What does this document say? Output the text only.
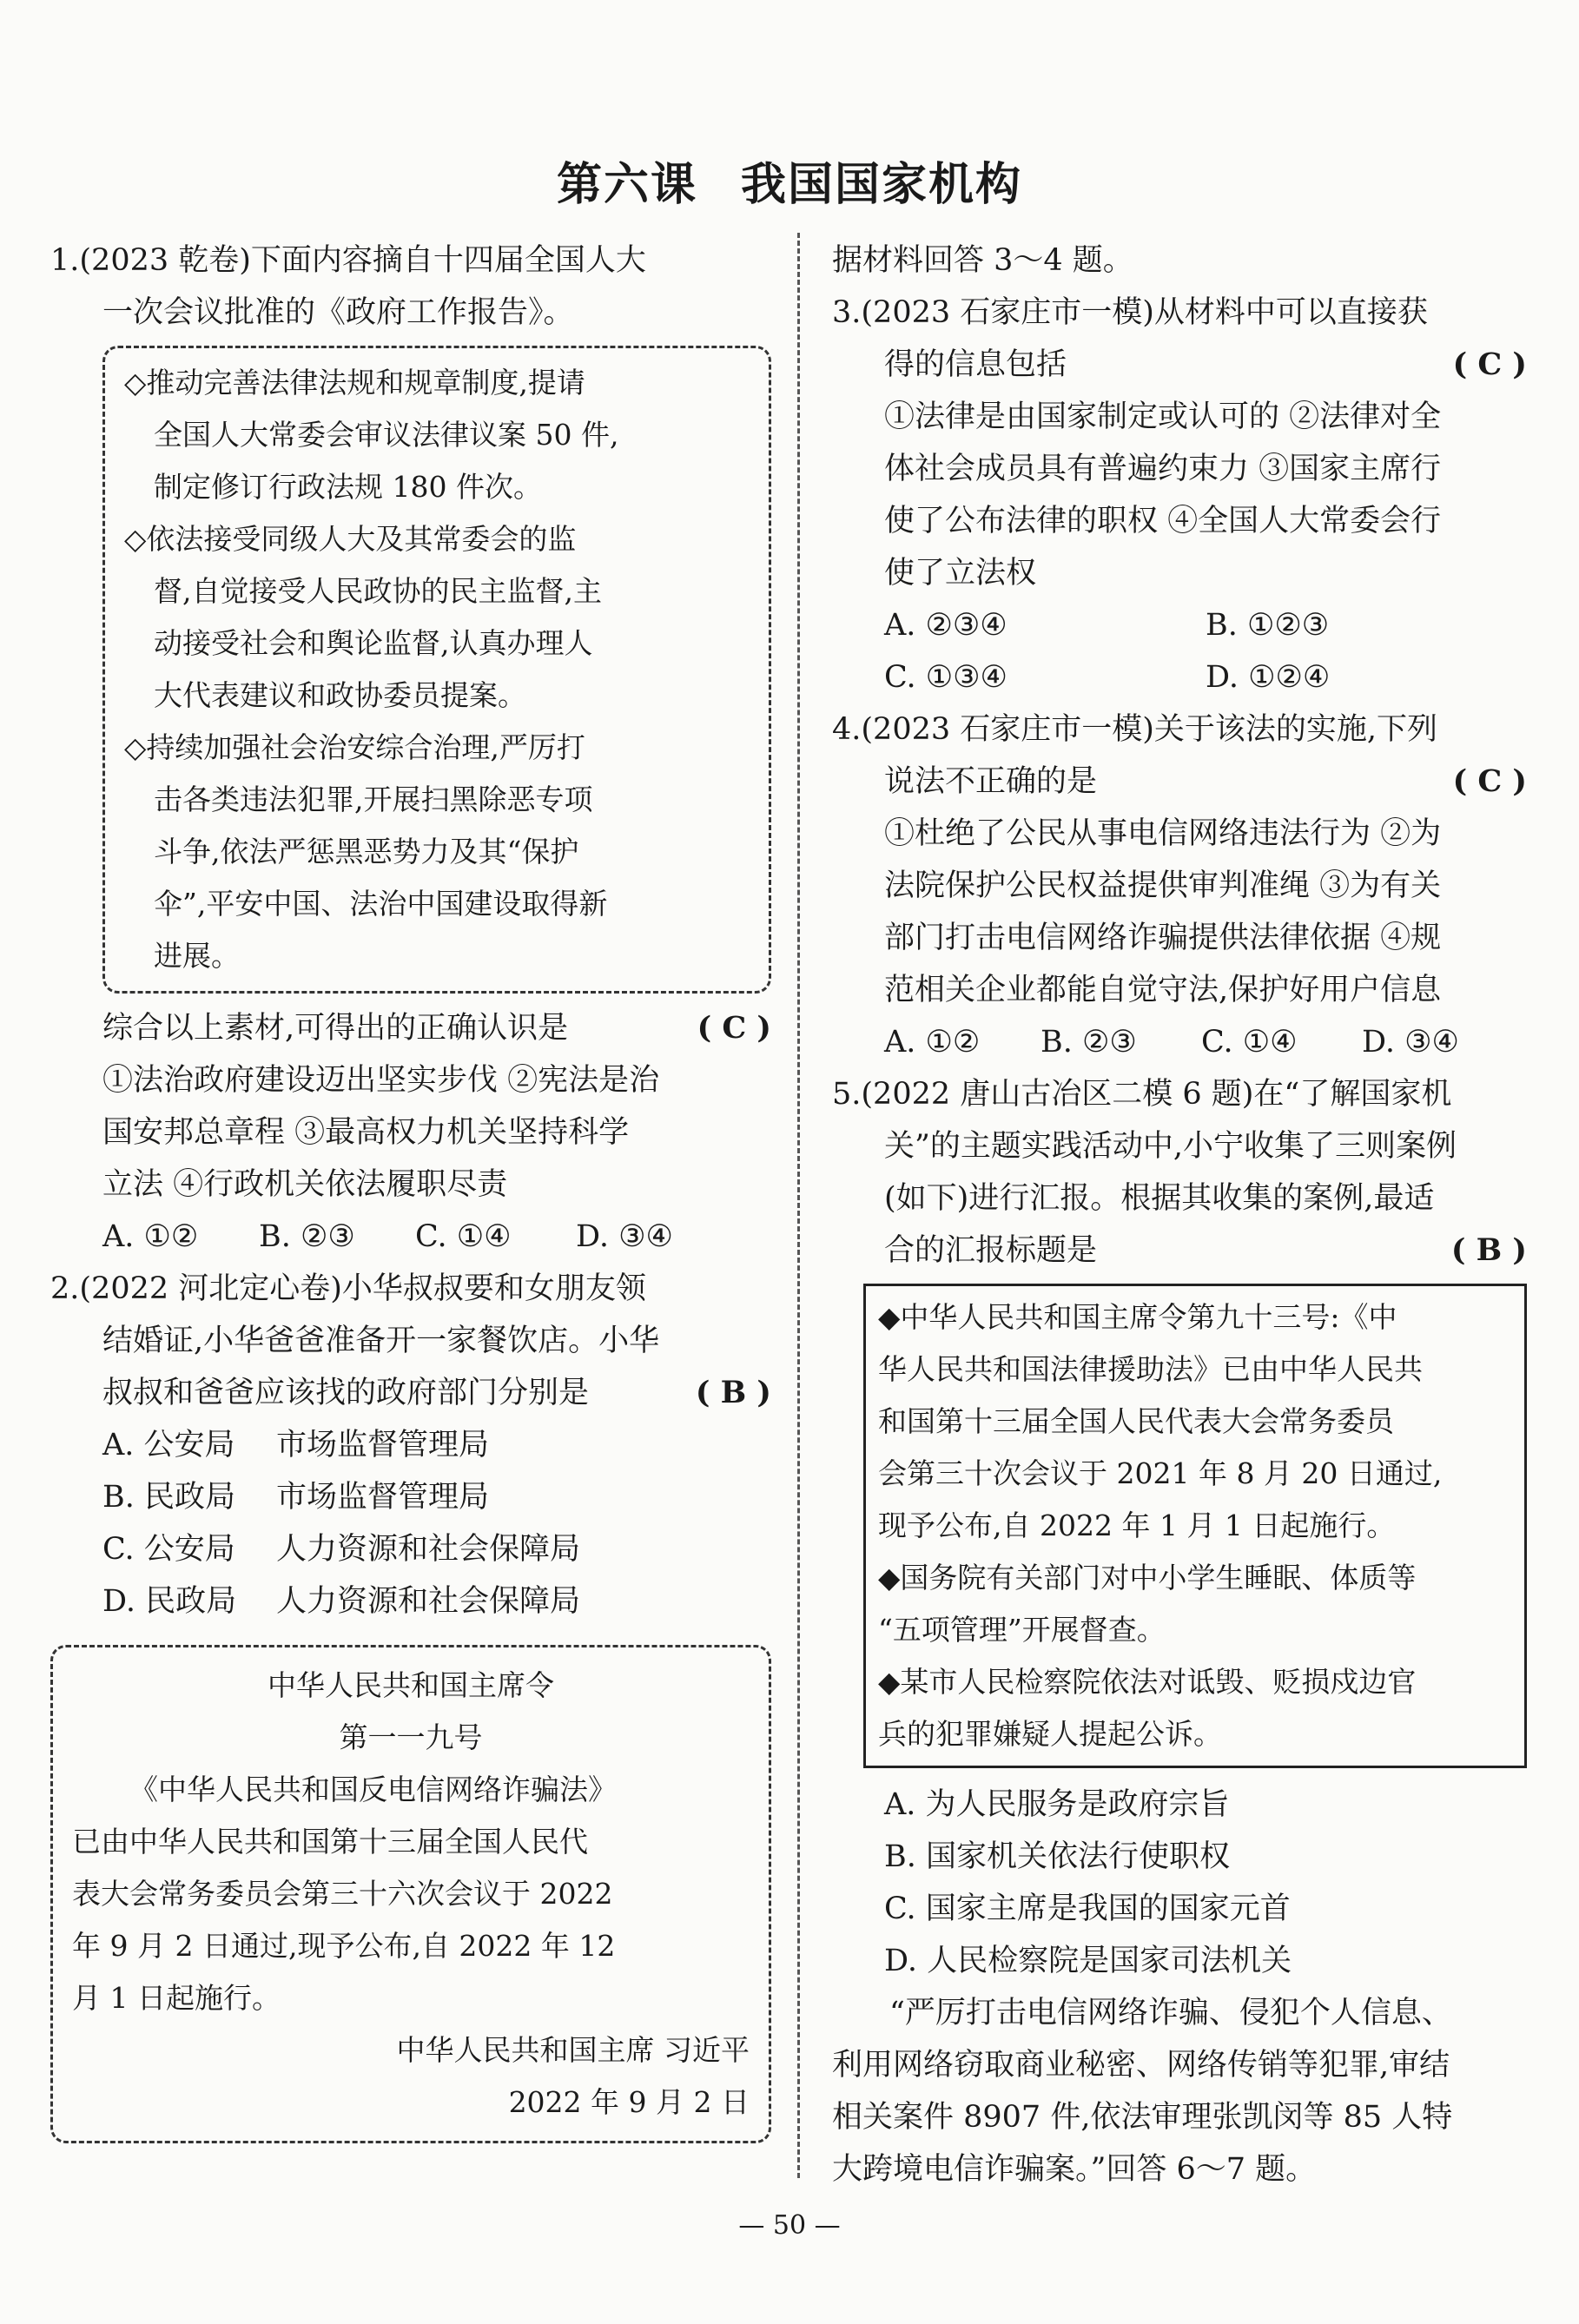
第六课 我国国家机构
1.(2023 乾卷)下面内容摘自十四届全国人大
一次会议批准的《政府工作报告》。
◇推动完善法律法规和规章制度,提请
全国人大常委会审议法律议案 50 件,
制定修订行政法规 180 件次。
◇依法接受同级人大及其常委会的监
督,自觉接受人民政协的民主监督,主
动接受社会和舆论监督,认真办理人
大代表建议和政协委员提案。
◇持续加强社会治安综合治理,严厉打
击各类违法犯罪,开展扫黑除恶专项
斗争,依法严惩黑恶势力及其“保护
伞”,平安中国、法治中国建设取得新
进展。
综合以上素材,可得出的正确认识是	( C )
①法治政府建设迈出坚实步伐 ②宪法是治
国安邦总章程 ③最高权力机关坚持科学
立法 ④行政机关依法履职尽责
A. ①②	B. ②③	C. ①④	D. ③④
2.(2022 河北定心卷)小华叔叔要和女朋友领
结婚证,小华爸爸准备开一家餐饮店。小华
叔叔和爸爸应该找的政府部门分别是	( B )
A. 公安局	市场监督管理局
B. 民政局	市场监督管理局
C. 公安局	人力资源和社会保障局
D. 民政局	人力资源和社会保障局
中华人民共和国主席令
第一一九号
《中华人民共和国反电信网络诈骗法》
已由中华人民共和国第十三届全国人民代
表大会常务委员会第三十六次会议于 2022
年 9 月 2 日通过,现予公布,自 2022 年 12
月 1 日起施行。
中华人民共和国主席 习近平
2022 年 9 月 2 日
据材料回答 3～4 题。
3.(2023 石家庄市一模)从材料中可以直接获
得的信息包括	( C )
①法律是由国家制定或认可的 ②法律对全
体社会成员具有普遍约束力 ③国家主席行
使了公布法律的职权 ④全国人大常委会行
使了立法权
A. ②③④	B. ①②③
C. ①③④	D. ①②④
4.(2023 石家庄市一模)关于该法的实施,下列
说法不正确的是	( C )
①杜绝了公民从事电信网络违法行为 ②为
法院保护公民权益提供审判准绳 ③为有关
部门打击电信网络诈骗提供法律依据 ④规
范相关企业都能自觉守法,保护好用户信息
A. ①②	B. ②③	C. ①④	D. ③④
5.(2022 唐山古冶区二模 6 题)在“了解国家机
关”的主题实践活动中,小宁收集了三则案例
(如下)进行汇报。根据其收集的案例,最适
合的汇报标题是	( B )
◆中华人民共和国主席令第九十三号:《中
华人民共和国法律援助法》已由中华人民共
和国第十三届全国人民代表大会常务委员
会第三十次会议于 2021 年 8 月 20 日通过,
现予公布,自 2022 年 1 月 1 日起施行。
◆国务院有关部门对中小学生睡眠、体质等
“五项管理”开展督查。
◆某市人民检察院依法对诋毁、贬损戍边官
兵的犯罪嫌疑人提起公诉。
A. 为人民服务是政府宗旨
B. 国家机关依法行使职权
C. 国家主席是我国的国家元首
D. 人民检察院是国家司法机关
“严厉打击电信网络诈骗、侵犯个人信息、
利用网络窃取商业秘密、网络传销等犯罪,审结
相关案件 8907 件,依法审理张凯闵等 85 人特
大跨境电信诈骗案。”回答 6～7 题。
— 50 —
